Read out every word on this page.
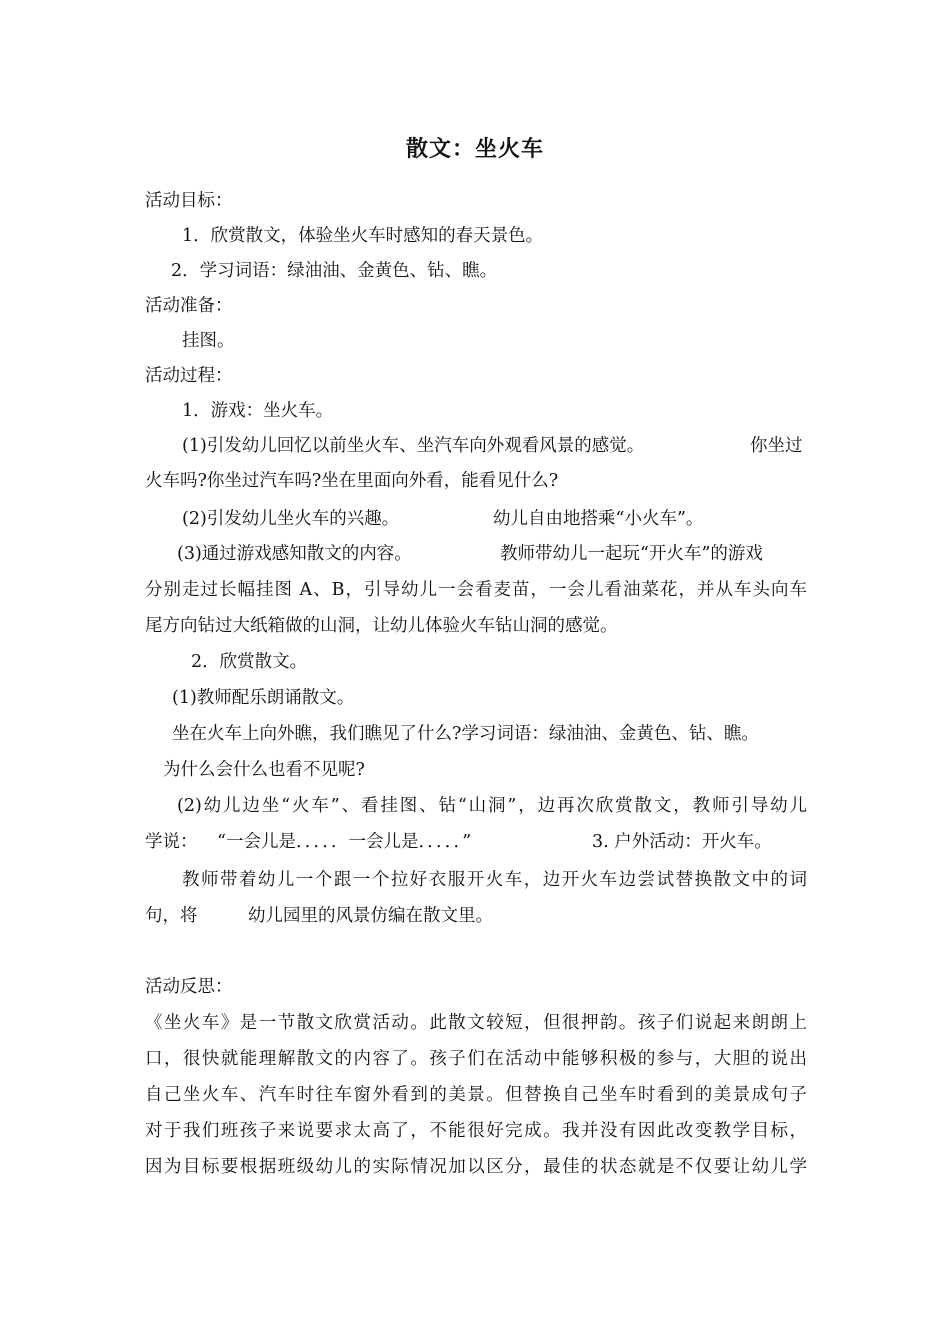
散文：坐火车
活动目标：
1．欣赏散文，体验坐火车时感知的春天景色。
2．学习词语：绿油油、金黄色、钻、瞧。
活动准备：
挂图。
活动过程：
1．游戏：坐火车。
(1)引发幼儿回忆以前坐火车、坐汽车向外观看风景的感觉。	你坐过
火车吗?你坐过汽车吗?坐在里面向外看，能看见什么?
(2)引发幼儿坐火车的兴趣。	幼儿自由地搭乘“小火车”。
(3)通过游戏感知散文的内容。	教师带幼儿一起玩“开火车”的游戏
分别走过长幅挂图 A、B，引导幼儿一会看麦苗，一会儿看油菜花，并从车头向车
尾方向钻过大纸箱做的山洞，让幼儿体验火车钻山洞的感觉。
2．欣赏散文。
(1)教师配乐朗诵散文。
坐在火车上向外瞧，我们瞧见了什么?学习词语：绿油油、金黄色、钻、瞧。
为什么会什么也看不见呢?
(2)幼儿边坐“火车”、看挂图、钻“山洞”，边再次欣赏散文，教师引导幼儿
学说： “一会儿是．．．．．一会儿是．．．．．”	3. 户外活动：开火车。
教师带着幼儿一个跟一个拉好衣服开火车，边开火车边尝试替换散文中的词
句，将	幼儿园里的风景仿编在散文里。
活动反思：
《坐火车》是一节散文欣赏活动。此散文较短，但很押韵。孩子们说起来朗朗上
口，很快就能理解散文的内容了。孩子们在活动中能够积极的参与，大胆的说出
自己坐火车、汽车时往车窗外看到的美景。但替换自己坐车时看到的美景成句子
对于我们班孩子来说要求太高了，不能很好完成。我并没有因此改变教学目标，
因为目标要根据班级幼儿的实际情况加以区分，最佳的状态就是不仅要让幼儿学
